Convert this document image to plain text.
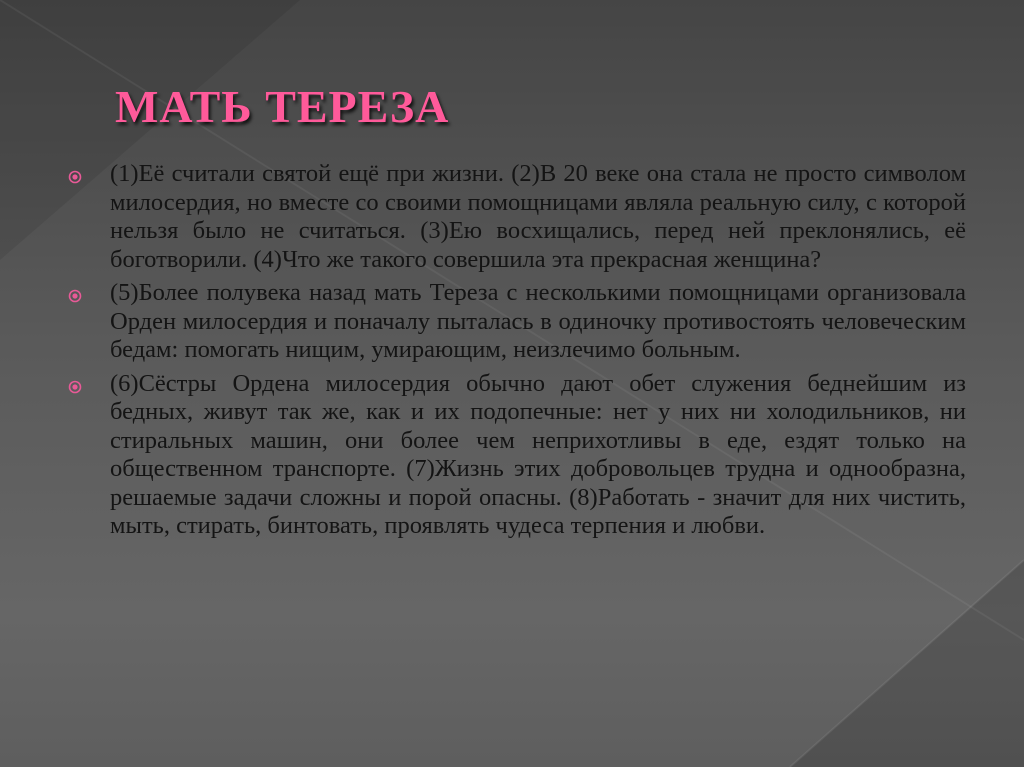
МАТЬ ТЕРЕЗА
(1)Её считали святой ещё при жизни. (2)В 20 веке она стала не просто символом милосердия, но вместе со своими помощницами являла реальную силу, с которой нельзя было не считаться. (3)Ею восхищались, перед ней преклонялись, её боготворили. (4)Что же такого совершила эта прекрасная женщина?
(5)Более полувека назад мать Тереза с несколькими помощницами организовала Орден милосердия и поначалу пыталась в одиночку противостоять человеческим бедам: помогать нищим, умирающим, неизлечимо больным.
(6)Сёстры Ордена милосердия обычно дают обет служения беднейшим из бедных, живут так же, как и их подопечные: нет у них ни холодильников, ни стиральных машин, они более чем неприхотливы в еде, ездят только на общественном транспорте. (7)Жизнь этих добровольцев трудна и однообразна, решаемые задачи сложны и порой опасны. (8)Работать - значит для них чистить, мыть, стирать, бинтовать, проявлять чудеса терпения и любви.
